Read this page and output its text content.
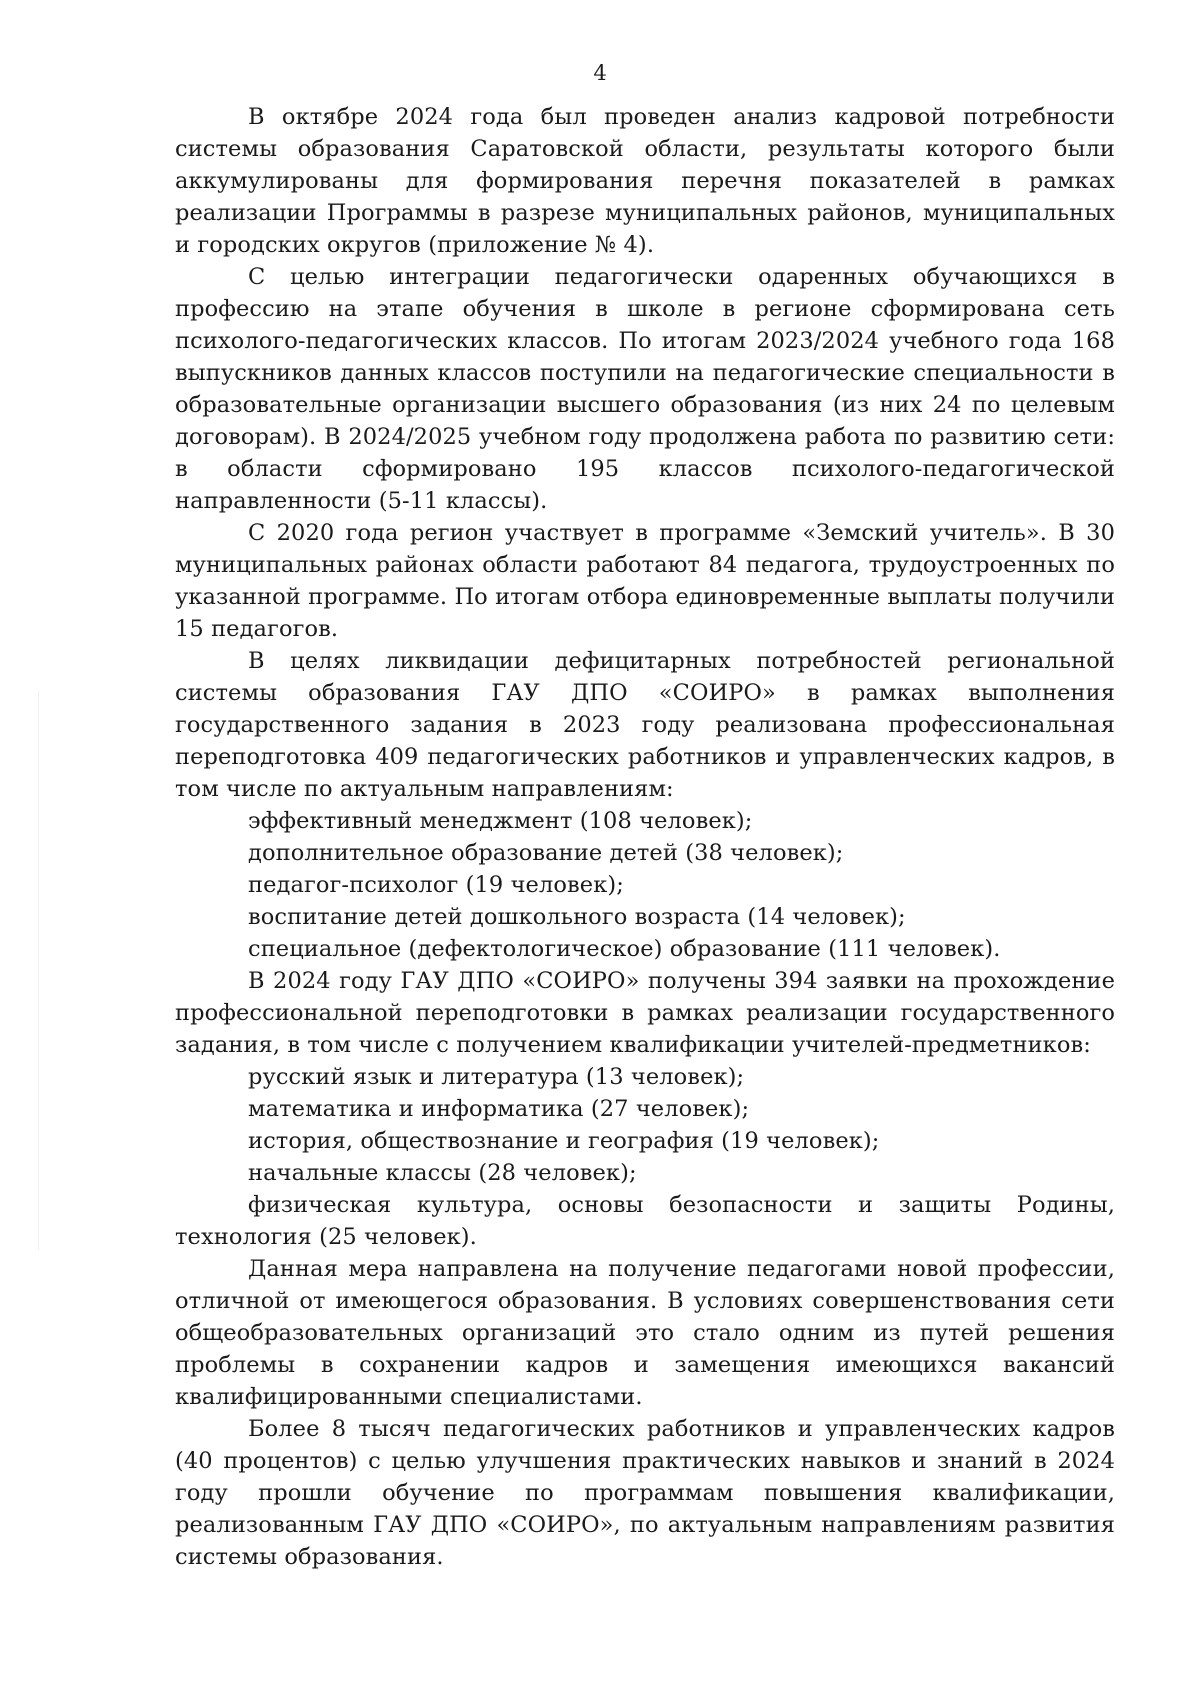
4

В октябре 2024 года был проведен анализ кадровой потребности системы образования Саратовской области, результаты которого были аккумулированы для формирования перечня показателей в рамках реализации Программы в разрезе муниципальных районов, муниципальных и городских округов (приложение № 4).

С целью интеграции педагогически одаренных обучающихся в профессию на этапе обучения в школе в регионе сформирована сеть психолого-педагогических классов. По итогам 2023/2024 учебного года 168 выпускников данных классов поступили на педагогические специальности в образовательные организации высшего образования (из них 24 по целевым договорам). В 2024/2025 учебном году продолжена работа по развитию сети: в области сформировано 195 классов психолого-педагогической направленности (5-11 классы).

С 2020 года регион участвует в программе «Земский учитель». В 30 муниципальных районах области работают 84 педагога, трудоустроенных по указанной программе. По итогам отбора единовременные выплаты получили 15 педагогов.

В целях ликвидации дефицитарных потребностей региональной системы образования ГАУ ДПО «СОИРО» в рамках выполнения государственного задания в 2023 году реализована профессиональная переподготовка 409 педагогических работников и управленческих кадров, в том числе по актуальным направлениям:

эффективный менеджмент (108 человек);

дополнительное образование детей (38 человек);

педагог-психолог (19 человек);

воспитание детей дошкольного возраста (14 человек);

специальное (дефектологическое) образование (111 человек).

В 2024 году ГАУ ДПО «СОИРО» получены 394 заявки на прохождение профессиональной переподготовки в рамках реализации государственного задания, в том числе с получением квалификации учителей-предметников:

русский язык и литература (13 человек);

математика и информатика (27 человек);

история, обществознание и география (19 человек);

начальные классы (28 человек);

физическая культура, основы безопасности и защиты Родины, технология (25 человек).

Данная мера направлена на получение педагогами новой профессии, отличной от имеющегося образования. В условиях совершенствования сети общеобразовательных организаций это стало одним из путей решения проблемы в сохранении кадров и замещения имеющихся вакансий квалифицированными специалистами.

Более 8 тысяч педагогических работников и управленческих кадров (40 процентов) с целью улучшения практических навыков и знаний в 2024 году прошли обучение по программам повышения квалификации, реализованным ГАУ ДПО «СОИРО», по актуальным направлениям развития системы образования.
